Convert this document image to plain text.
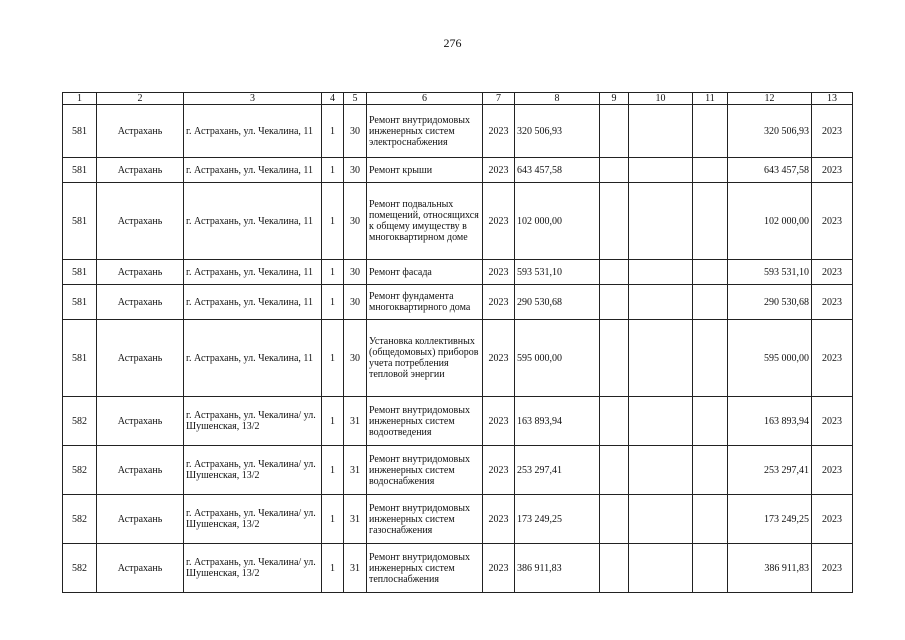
276
1	2	3	4	5	6	7	8	9	10	11	12	13
581	Астрахань	г. Астрахань, ул. Чекалина, 11	1	30	Ремонт внутридомовых инженерных систем электроснабжения	2023	320 506,93				320 506,93	2023
581	Астрахань	г. Астрахань, ул. Чекалина, 11	1	30	Ремонт крыши	2023	643 457,58				643 457,58	2023
581	Астрахань	г. Астрахань, ул. Чекалина, 11	1	30	Ремонт подвальных помещений, относящихся к общему имуществу в многоквартирном доме	2023	102 000,00				102 000,00	2023
581	Астрахань	г. Астрахань, ул. Чекалина, 11	1	30	Ремонт фасада	2023	593 531,10				593 531,10	2023
581	Астрахань	г. Астрахань, ул. Чекалина, 11	1	30	Ремонт фундамента многоквартирного дома	2023	290 530,68				290 530,68	2023
581	Астрахань	г. Астрахань, ул. Чекалина, 11	1	30	Установка коллективных (общедомовых) приборов учета потребления тепловой энергии	2023	595 000,00				595 000,00	2023
582	Астрахань	г. Астрахань, ул. Чекалина/ ул. Шушенская, 13/2	1	31	Ремонт внутридомовых инженерных систем водоотведения	2023	163 893,94				163 893,94	2023
582	Астрахань	г. Астрахань, ул. Чекалина/ ул. Шушенская, 13/2	1	31	Ремонт внутридомовых инженерных систем водоснабжения	2023	253 297,41				253 297,41	2023
582	Астрахань	г. Астрахань, ул. Чекалина/ ул. Шушенская, 13/2	1	31	Ремонт внутридомовых инженерных систем газоснабжения	2023	173 249,25				173 249,25	2023
582	Астрахань	г. Астрахань, ул. Чекалина/ ул. Шушенская, 13/2	1	31	Ремонт внутридомовых инженерных систем теплоснабжения	2023	386 911,83				386 911,83	2023
